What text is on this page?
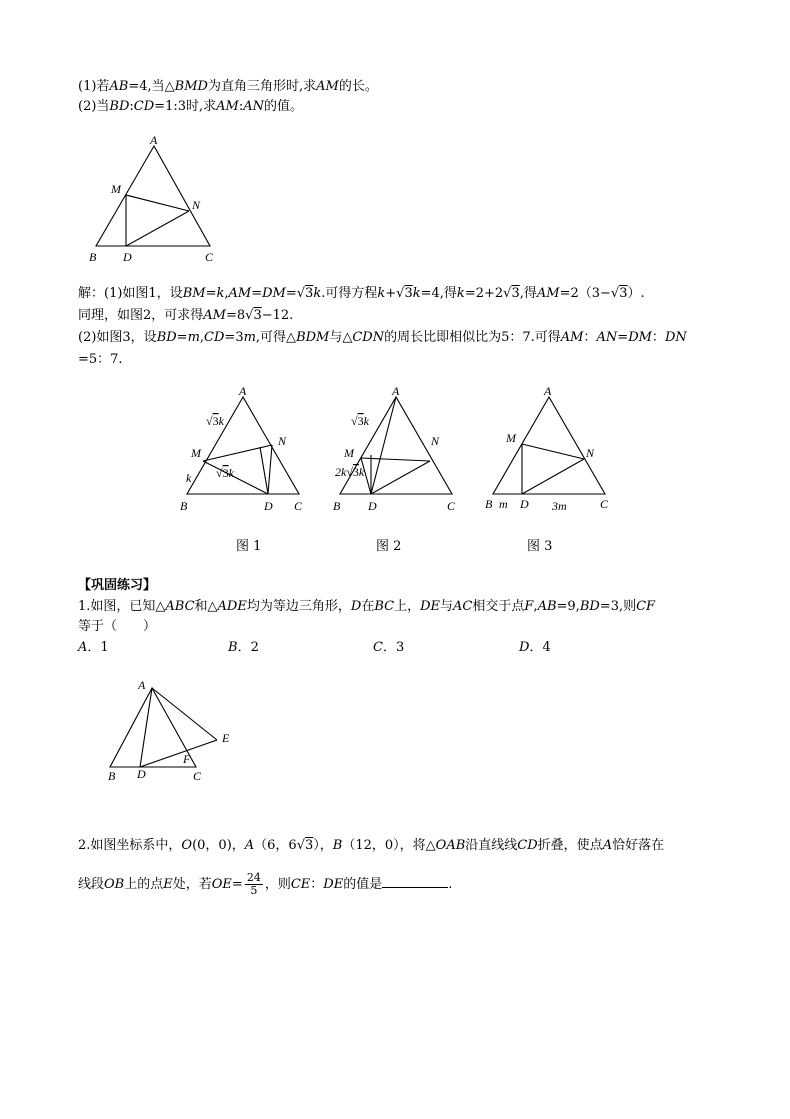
(1)若AB=4,当△BMD为直角三角形时,求AM的长。
(2)当BD:CD=1:3时,求AM:AN的值。
A
M
N
B D	C
解：(1)如图1，设BM=k,AM=DM=√3k.可得方程k+√3k=4,得k=2+2√3,得AM=2（3−√3）.
同理，如图2，可求得AM=8√3−12.
(2)如图3，设BD=m,CD=3m,可得△BDM与△CDN的周长比即相似比为5：7.可得AM：AN=DM：DN
=5：7.
A
N
M
B	D C
√3k
√3k
k
图 1
A
N
M
B D	C
√3k
2k√3k
图 2
A
M
N
B m D 3m	C
图 3
【巩固练习】
1.如图，已知△ABC和△ADE均为等边三角形，D在BC上，DE与AC相交于点F,AB=9,BD=3,则CF
等于（　　）
A．1	B．2	C．3	D．4
A
E
F
B D	C
2.如图坐标系中，O(0，0)，A（6，6√3），B（12，0），将△OAB沿直线线CD折叠，使点A恰好落在
线段OB上的点E处，若$OE= \frac{24}{5}$ ，则CE：DE的值是	.
